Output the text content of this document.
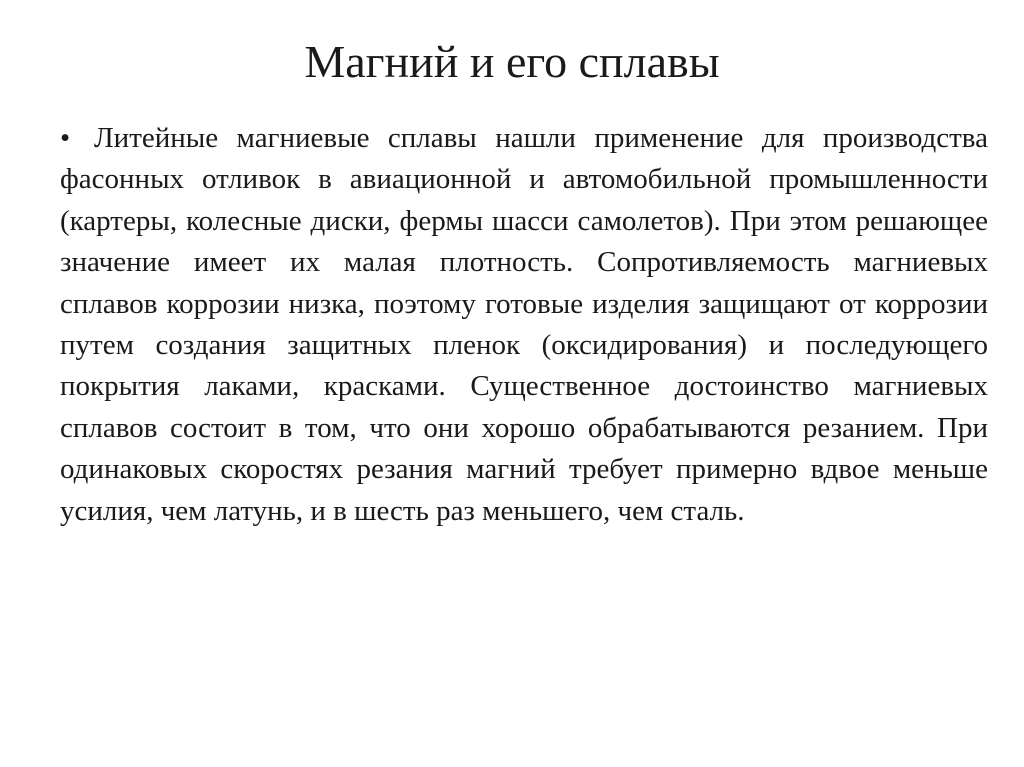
Магний и его сплавы

• Литейные магниевые сплавы нашли применение для производства фасонных отливок в авиационной и автомобильной промышленности (картеры, колесные диски, фермы шасси самолетов). При этом решающее значение имеет их малая плотность. Сопротивляемость магниевых сплавов коррозии низка, поэтому готовые изделия защищают от коррозии путем создания защитных пленок (оксидирования) и последующего покрытия лаками, красками. Существенное достоинство магниевых сплавов состоит в том, что они хорошо обрабатываются резанием. При одинаковых скоростях резания магний требует примерно вдвое меньше усилия, чем латунь, и в шесть раз меньшего, чем сталь.
